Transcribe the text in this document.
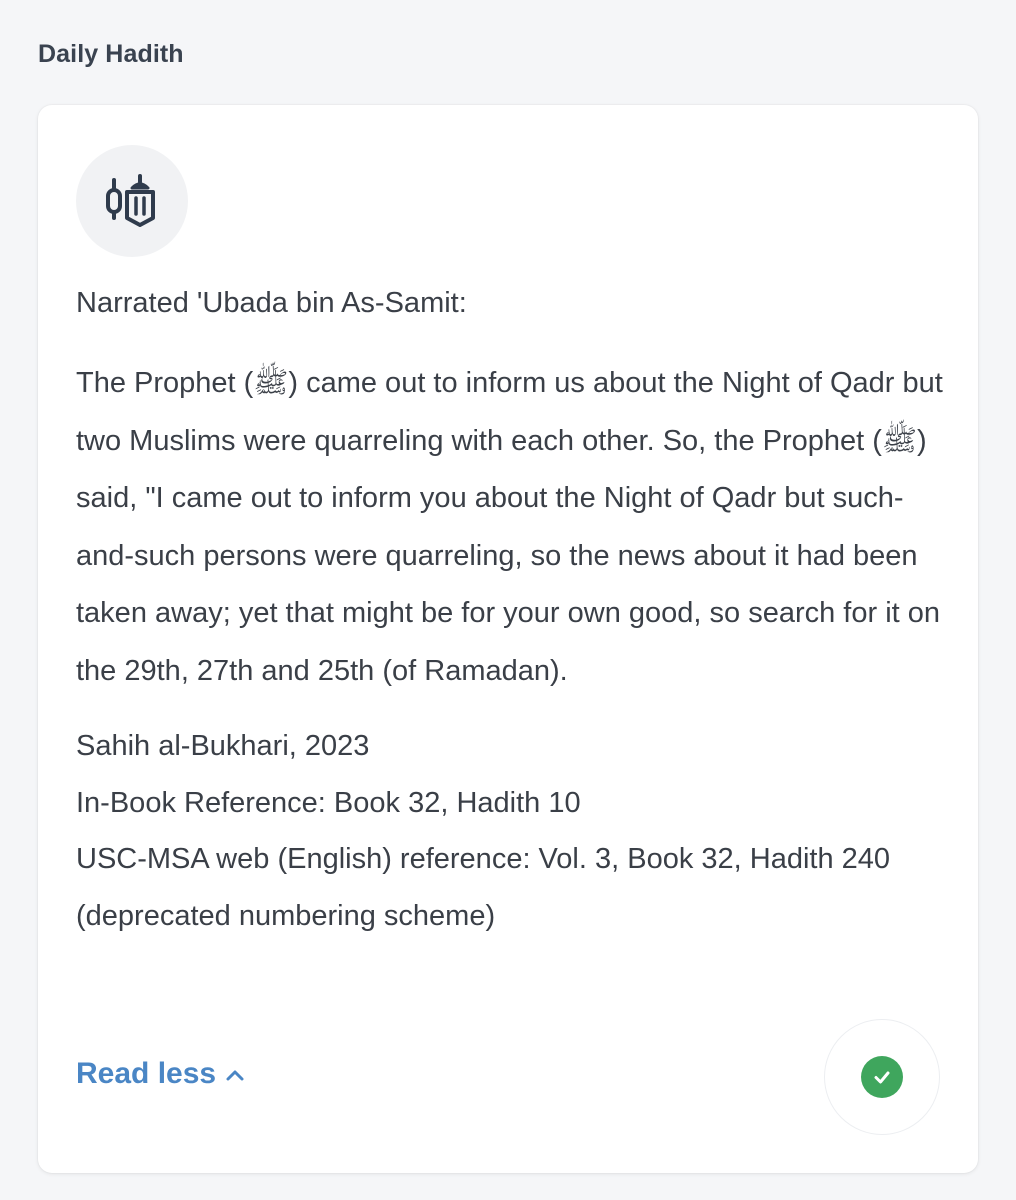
Daily Hadith

Narrated 'Ubada bin As-Samit:

The Prophet (ﷺ) came out to inform us about the Night of Qadr but two Muslims were quarreling with each other. So, the Prophet (ﷺ) said, "I came out to inform you about the Night of Qadr but such-and-such persons were quarreling, so the news about it had been taken away; yet that might be for your own good, so search for it on the 29th, 27th and 25th (of Ramadan).

Sahih al-Bukhari, 2023

In-Book Reference: Book 32, Hadith 10

USC-MSA web (English) reference: Vol. 3, Book 32, Hadith 240 (deprecated numbering scheme)

Read less
